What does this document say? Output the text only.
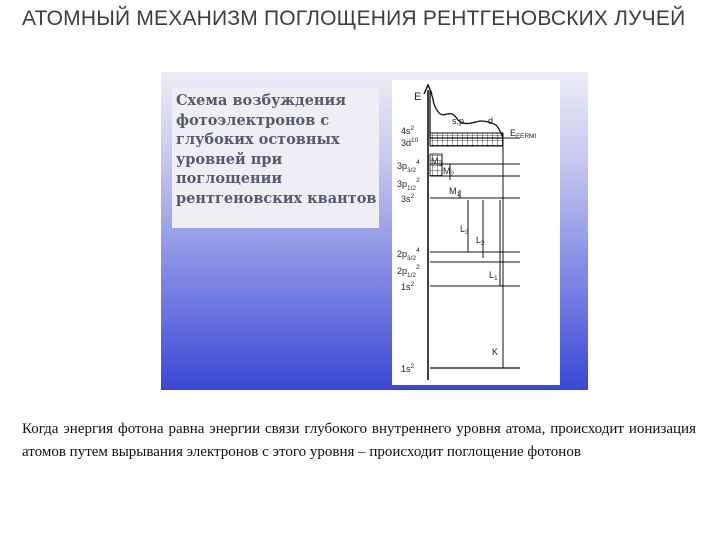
АТОМНЫЙ МЕХАНИЗМ ПОГЛОЩЕНИЯ РЕНТГЕНОВСКИХ ЛУЧЕЙ

Схема возбуждения
фотоэлектронов с
глубоких остовных
уровней при
поглощении
рентгеновских квантов

E
s,p	d
$E_{FERMI}$
$4s^2$
$3d^{10}$
$3p_{3/2}^4$
$3p_{1/2}^2$
$3s^2$
$2p_{3/2}^4$
$2p_{1/2}^2$
$1s^2$
$1s^2$
$M_3$
$M_2$
$M_1$
$L_3$
$L_2$
$L_1$
K

Когда энергия фотона равна энергии связи глубокого внутреннего уровня атома, происходит ионизация атомов путем вырывания электронов с этого уровня – происходит поглощение фотонов
